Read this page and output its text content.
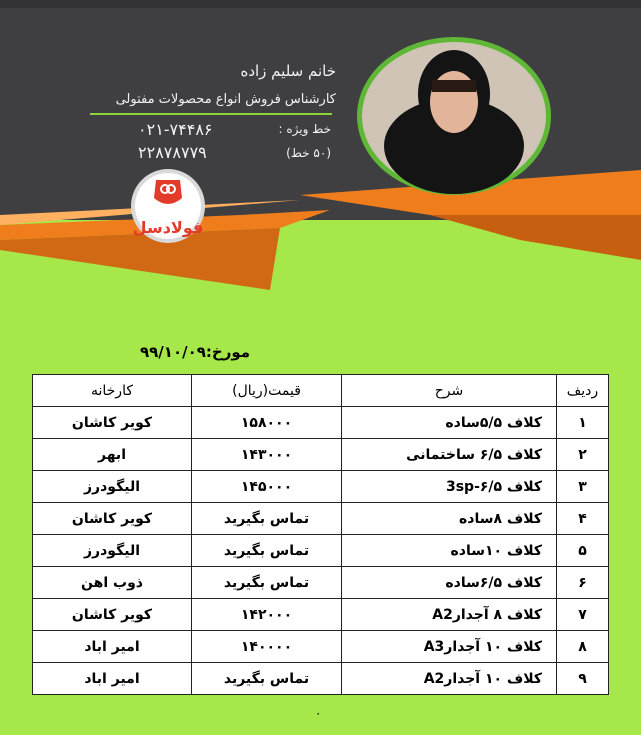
خانم سلیم زاده
کارشناس فروش انواع محصولات مفتولی
خط ویژه :
۰۲۱-۷۴۴۸۶
(۵۰ خط)
۲۲۸۷۸۷۷۹
فولادسل
مورخ:۹۹/۱۰/۰۹
ردیف	شرح	قیمت(ریال)	کارخانه
۱	کلاف ۵/۵ساده	۱۵۸۰۰۰	کویر کاشان
۲	کلاف ۶/۵ ساختمانی	۱۴۳۰۰۰	ابهر
۳	کلاف ۶/۵-3sp	۱۴۵۰۰۰	الیگودرز
۴	کلاف ۸ساده	تماس بگیرید	کویر کاشان
۵	کلاف ۱۰ساده	تماس بگیرید	الیگودرز
۶	کلاف ۶/۵ساده	تماس بگیرید	ذوب اهن
۷	کلاف ۸ آجدارA2	۱۴۲۰۰۰	کویر کاشان
۸	کلاف ۱۰ آجدارA3	۱۴۰۰۰۰	امیر اباد
۹	کلاف ۱۰ آجدارA2	تماس بگیرید	امیر اباد
۰
